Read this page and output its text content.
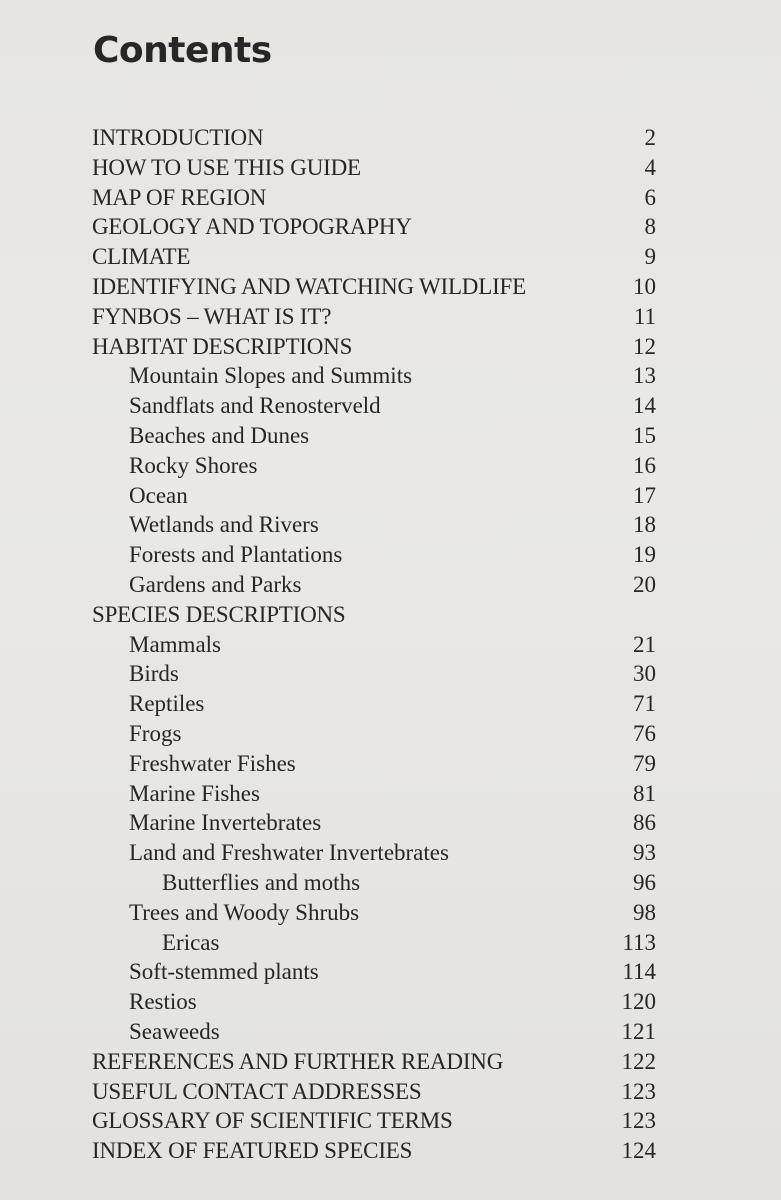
Contents
INTRODUCTION	2
HOW TO USE THIS GUIDE	4
MAP OF REGION	6
GEOLOGY AND TOPOGRAPHY	8
CLIMATE	9
IDENTIFYING AND WATCHING WILDLIFE	10
FYNBOS – WHAT IS IT?	11
HABITAT DESCRIPTIONS	12
Mountain Slopes and Summits	13
Sandflats and Renosterveld	14
Beaches and Dunes	15
Rocky Shores	16
Ocean	17
Wetlands and Rivers	18
Forests and Plantations	19
Gardens and Parks	20
SPECIES DESCRIPTIONS
Mammals	21
Birds	30
Reptiles	71
Frogs	76
Freshwater Fishes	79
Marine Fishes	81
Marine Invertebrates	86
Land and Freshwater Invertebrates	93
Butterflies and moths	96
Trees and Woody Shrubs	98
Ericas	113
Soft-stemmed plants	114
Restios	120
Seaweeds	121
REFERENCES AND FURTHER READING	122
USEFUL CONTACT ADDRESSES	123
GLOSSARY OF SCIENTIFIC TERMS	123
INDEX OF FEATURED SPECIES	124
